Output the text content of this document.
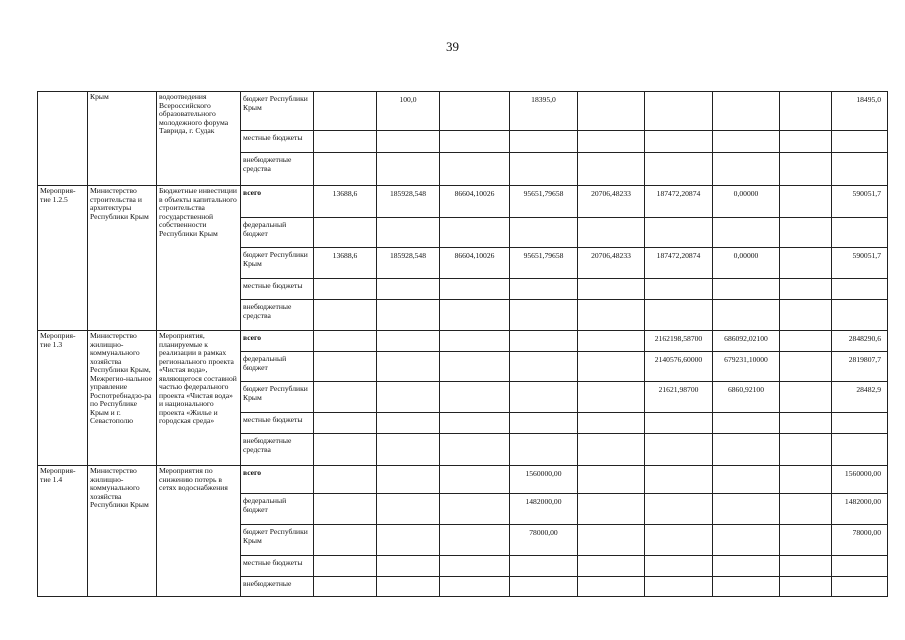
39
	Крым	водоотведения Всероссийского образовательного молодежного форума Таврида, г. Судак	бюджет Республики Крым		100,0		18395,0					18495,0
			местные бюджеты									
			внебюджетные средства									
Мероприя-тие 1.2.5	Министерство строительства и архитектуры Республики Крым	Бюджетные инвестиции в объекты капитального строительства государственной собственности Республики Крым	всего	13688,6	185928,548	86604,10026	95651,79658	20706,48233	187472,20874	0,00000		590051,7
			федеральный бюджет									
			бюджет Республики Крым	13688,6	185928,548	86604,10026	95651,79658	20706,48233	187472,20874	0,00000		590051,7
			местные бюджеты									
			внебюджетные средства									
Мероприя-тие 1.3	Министерство жилищно-коммунального хозяйства Республики Крым, Межрегио-нальное управление Роспотребнадзо-ра по Республике Крым и г. Севастополю	Мероприятия, планируемые к реализации в рамках регионального проекта «Чистая вода», являющегося составной частью федерального проекта «Чистая вода» и национального проекта «Жилье и городская среда»	всего						2162198,58700	686092,02100		2848290,6
			федеральный бюджет						2140576,60000	679231,10000		2819807,7
			бюджет Республики Крым						21621,98700	6860,92100		28482,9
			местные бюджеты									
			внебюджетные средства									
Мероприя-тие 1.4	Министерство жилищно-коммунального хозяйства Республики Крым	Мероприятия по снижению потерь в сетях водоснабжения	всего				1560000,00					1560000,00
			федеральный бюджет				1482000,00					1482000,00
			бюджет Республики Крым				78000,00					78000,00
			местные бюджеты									
			внебюджетные									
